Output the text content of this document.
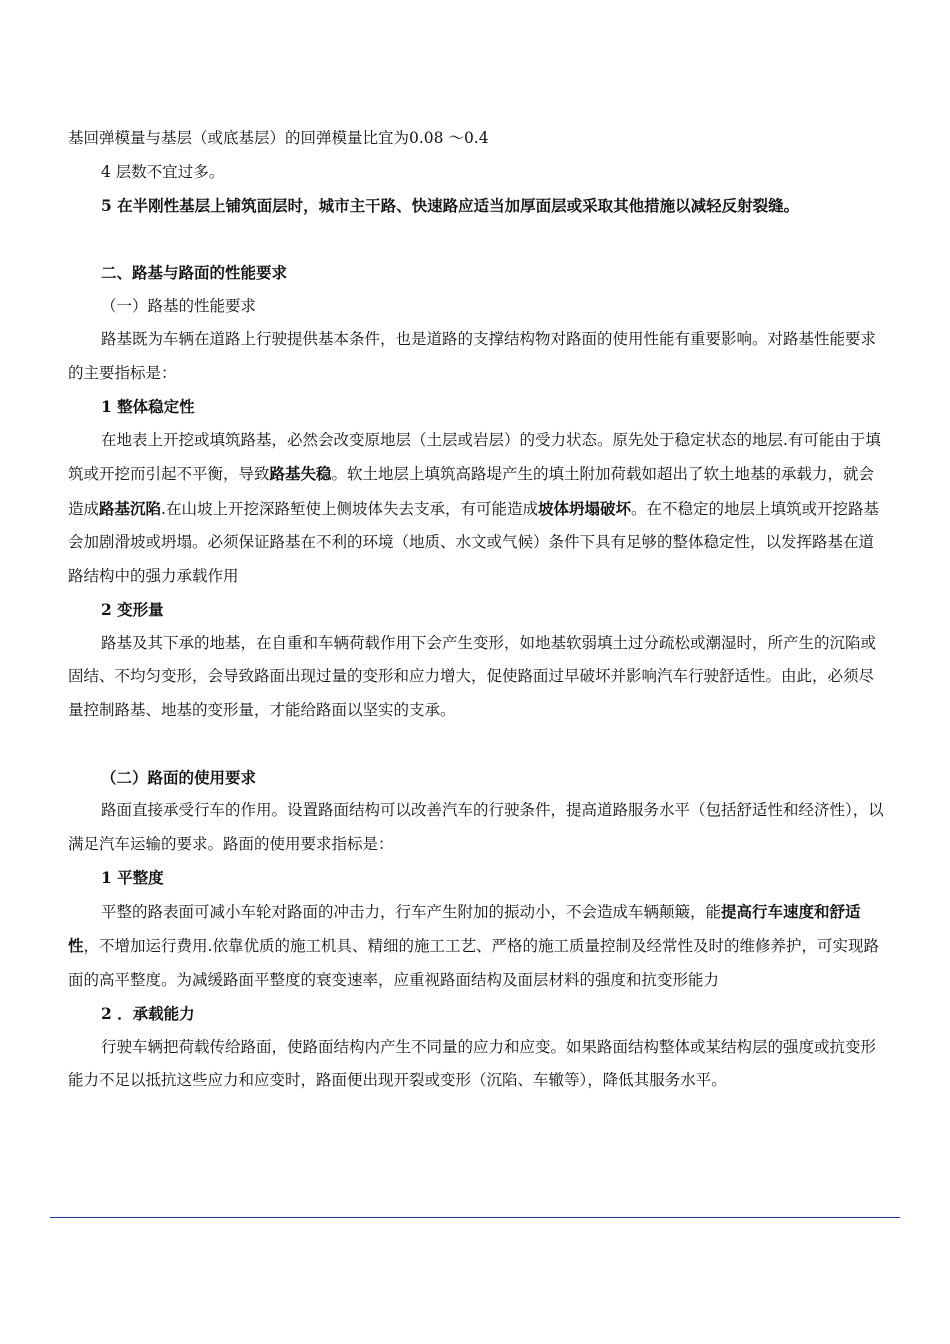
基回弹模量与基层（或底基层）的回弹模量比宜为0.08 ～0.4

4 层数不宜过多。

5 在半刚性基层上铺筑面层时，城市主干路、快速路应适当加厚面层或采取其他措施以减轻反射裂缝。

二、路基与路面的性能要求

（一）路基的性能要求

路基既为车辆在道路上行驶提供基本条件，也是道路的支撑结构物对路面的使用性能有重要影响。对路基性能要求的主要指标是：

1 整体稳定性

在地表上开挖或填筑路基，必然会改变原地层（土层或岩层）的受力状态。原先处于稳定状态的地层.有可能由于填筑或开挖而引起不平衡，导致路基失稳。软土地层上填筑高路堤产生的填土附加荷载如超出了软土地基的承载力，就会造成路基沉陷.在山坡上开挖深路堑使上侧坡体失去支承，有可能造成坡体坍塌破坏。在不稳定的地层上填筑或开挖路基会加剧滑坡或坍塌。必须保证路基在不利的环境（地质、水文或气候）条件下具有足够的整体稳定性，以发挥路基在道路结构中的强力承载作用

2 变形量

路基及其下承的地基，在自重和车辆荷载作用下会产生变形，如地基软弱填土过分疏松或潮湿时，所产生的沉陷或固结、不均匀变形，会导致路面出现过量的变形和应力增大，促使路面过早破坏并影响汽车行驶舒适性。由此，必须尽量控制路基、地基的变形量，才能给路面以坚实的支承。

（二）路面的使用要求

路面直接承受行车的作用。设置路面结构可以改善汽车的行驶条件，提高道路服务水平（包括舒适性和经济性），以满足汽车运输的要求。路面的使用要求指标是：

1 平整度

平整的路表面可减小车轮对路面的冲击力，行车产生附加的振动小，不会造成车辆颠簸，能提高行车速度和舒适性，不增加运行费用.依靠优质的施工机具、精细的施工工艺、严格的施工质量控制及经常性及时的维修养护，可实现路面的高平整度。为减缓路面平整度的衰变速率，应重视路面结构及面层材料的强度和抗变形能力

2 ．承载能力

行驶车辆把荷载传给路面，使路面结构内产生不同量的应力和应变。如果路面结构整体或某结构层的强度或抗变形能力不足以抵抗这些应力和应变时，路面便出现开裂或变形（沉陷、车辙等），降低其服务水平。
